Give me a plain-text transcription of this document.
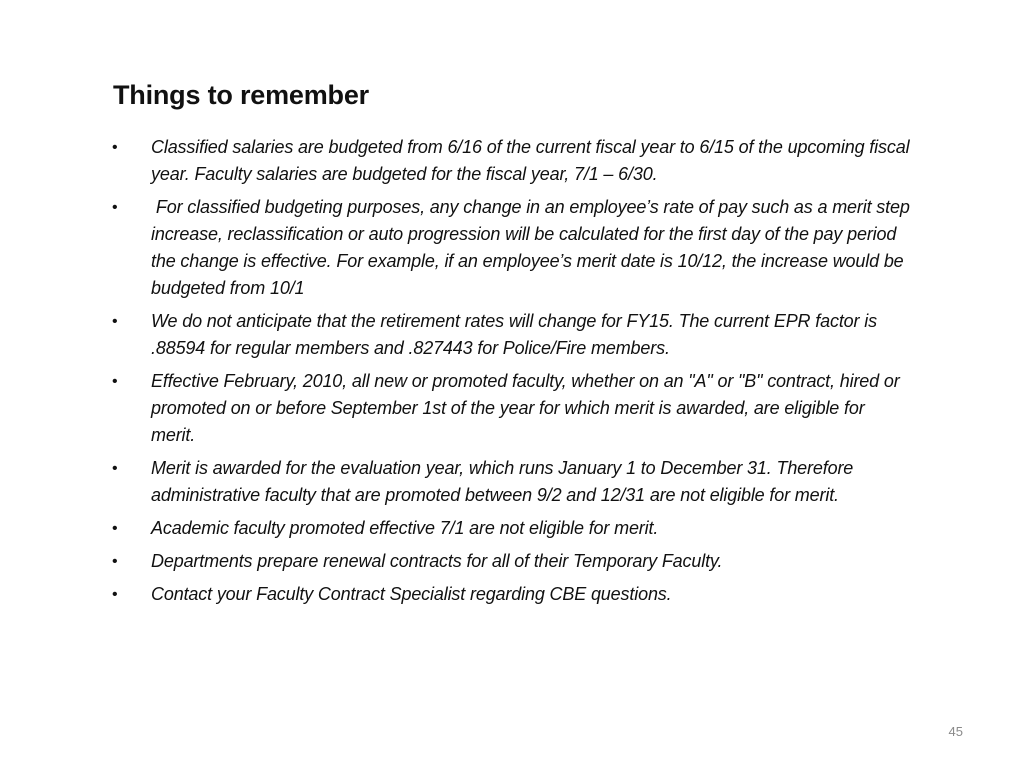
Things to remember
• Classified salaries are budgeted from 6/16 of the current fiscal year to 6/15 of the upcoming fiscal year. Faculty salaries are budgeted for the fiscal year, 7/1 – 6/30.
• For classified budgeting purposes, any change in an employee’s rate of pay such as a merit step increase, reclassification or auto progression will be calculated for the first day of the pay period the change is effective. For example, if an employee’s merit date is 10/12, the increase would be budgeted from 10/1
• We do not anticipate that the retirement rates will change for FY15. The current EPR factor is .88594 for regular members and .827443 for Police/Fire members.
• Effective February, 2010, all new or promoted faculty, whether on an "A" or "B" contract, hired or promoted on or before September 1st of the year for which merit is awarded, are eligible for merit.
• Merit is awarded for the evaluation year, which runs January 1 to December 31. Therefore administrative faculty that are promoted between 9/2 and 12/31 are not eligible for merit.
• Academic faculty promoted effective 7/1 are not eligible for merit.
• Departments prepare renewal contracts for all of their Temporary Faculty.
• Contact your Faculty Contract Specialist regarding CBE questions.
45
